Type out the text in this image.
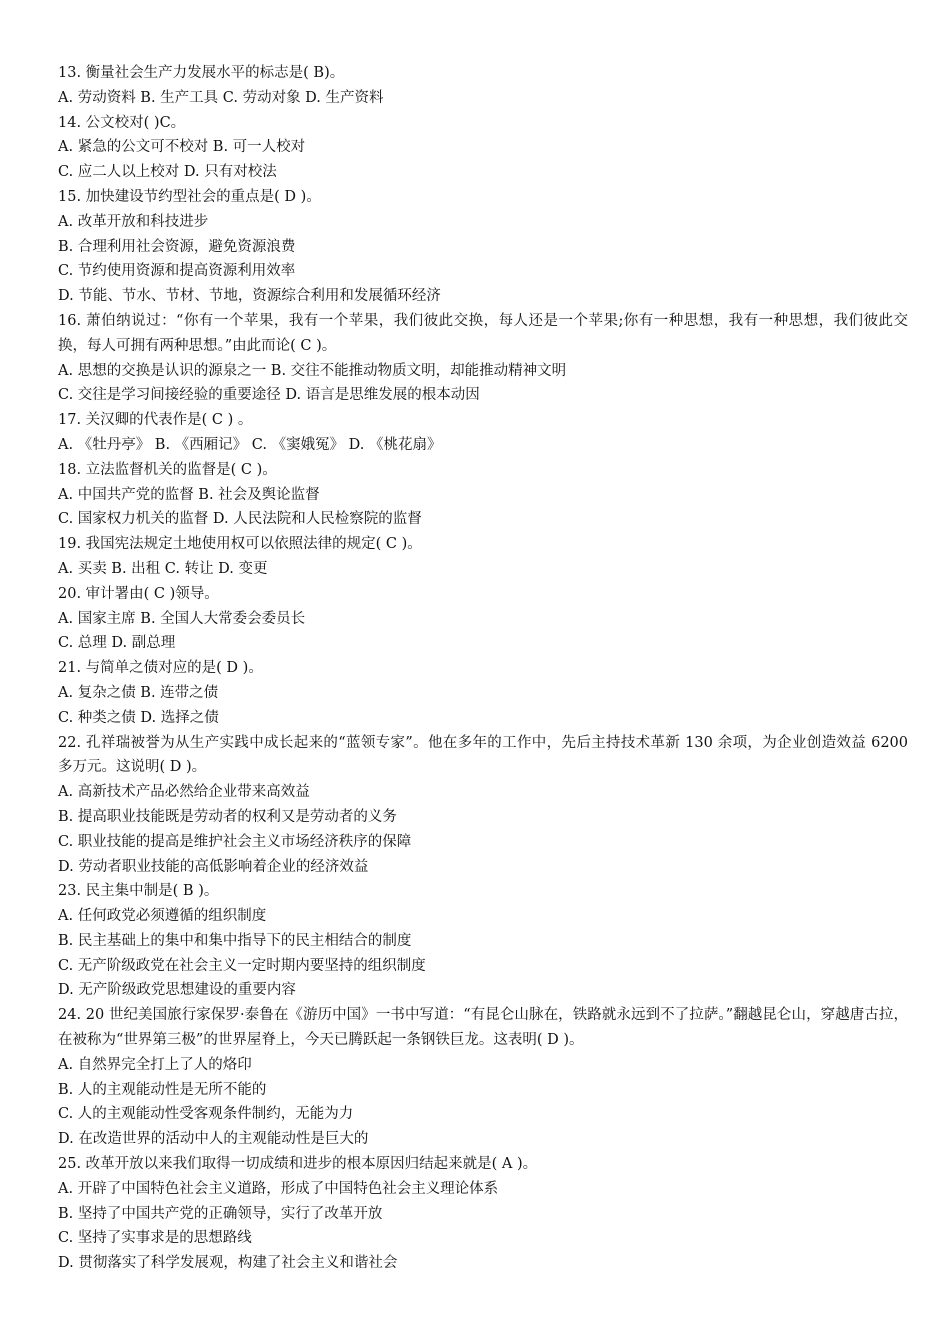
13. 衡量社会生产力发展水平的标志是( B)。

A. 劳动资料 B. 生产工具 C. 劳动对象 D. 生产资料

14. 公文校对( )C。

A. 紧急的公文可不校对 B. 可一人校对

C. 应二人以上校对 D. 只有对校法

15. 加快建设节约型社会的重点是( D )。

A. 改革开放和科技进步

B. 合理利用社会资源，避免资源浪费

C. 节约使用资源和提高资源利用效率

D. 节能、节水、节材、节地，资源综合利用和发展循环经济

16. 萧伯纳说过：“你有一个苹果，我有一个苹果，我们彼此交换，每人还是一个苹果;你有一种思想，我有一种思想，我们彼此交换，每人可拥有两种思想。”由此而论( C )。

A. 思想的交换是认识的源泉之一 B. 交往不能推动物质文明，却能推动精神文明

C. 交往是学习间接经验的重要途径 D. 语言是思维发展的根本动因

17. 关汉卿的代表作是( C ) 。

A. 《牡丹亭》 B. 《西厢记》 C. 《窦娥冤》 D. 《桃花扇》

18. 立法监督机关的监督是( C )。

A. 中国共产党的监督 B. 社会及舆论监督

C. 国家权力机关的监督 D. 人民法院和人民检察院的监督

19. 我国宪法规定土地使用权可以依照法律的规定( C )。

A. 买卖 B. 出租 C. 转让 D. 变更

20. 审计署由( C )领导。

A. 国家主席 B. 全国人大常委会委员长

C. 总理 D. 副总理

21. 与简单之债对应的是( D )。

A. 复杂之债 B. 连带之债

C. 种类之债 D. 选择之债

22. 孔祥瑞被誉为从生产实践中成长起来的“蓝领专家”。他在多年的工作中，先后主持技术革新 130 余项，为企业创造效益 6200 多万元。这说明( D )。

A. 高新技术产品必然给企业带来高效益

B. 提高职业技能既是劳动者的权利又是劳动者的义务

C. 职业技能的提高是维护社会主义市场经济秩序的保障

D. 劳动者职业技能的高低影响着企业的经济效益

23. 民主集中制是( B )。

A. 任何政党必须遵循的组织制度

B. 民主基础上的集中和集中指导下的民主相结合的制度

C. 无产阶级政党在社会主义一定时期内要坚持的组织制度

D. 无产阶级政党思想建设的重要内容

24. 20 世纪美国旅行家保罗·泰鲁在《游历中国》一书中写道：“有昆仑山脉在，铁路就永远到不了拉萨。”翻越昆仑山，穿越唐古拉，在被称为“世界第三极”的世界屋脊上，今天已腾跃起一条钢铁巨龙。这表明( D )。

A. 自然界完全打上了人的烙印

B. 人的主观能动性是无所不能的

C. 人的主观能动性受客观条件制约，无能为力

D. 在改造世界的活动中人的主观能动性是巨大的

25. 改革开放以来我们取得一切成绩和进步的根本原因归结起来就是( A )。

A. 开辟了中国特色社会主义道路，形成了中国特色社会主义理论体系

B. 坚持了中国共产党的正确领导，实行了改革开放

C. 坚持了实事求是的思想路线

D. 贯彻落实了科学发展观，构建了社会主义和谐社会
